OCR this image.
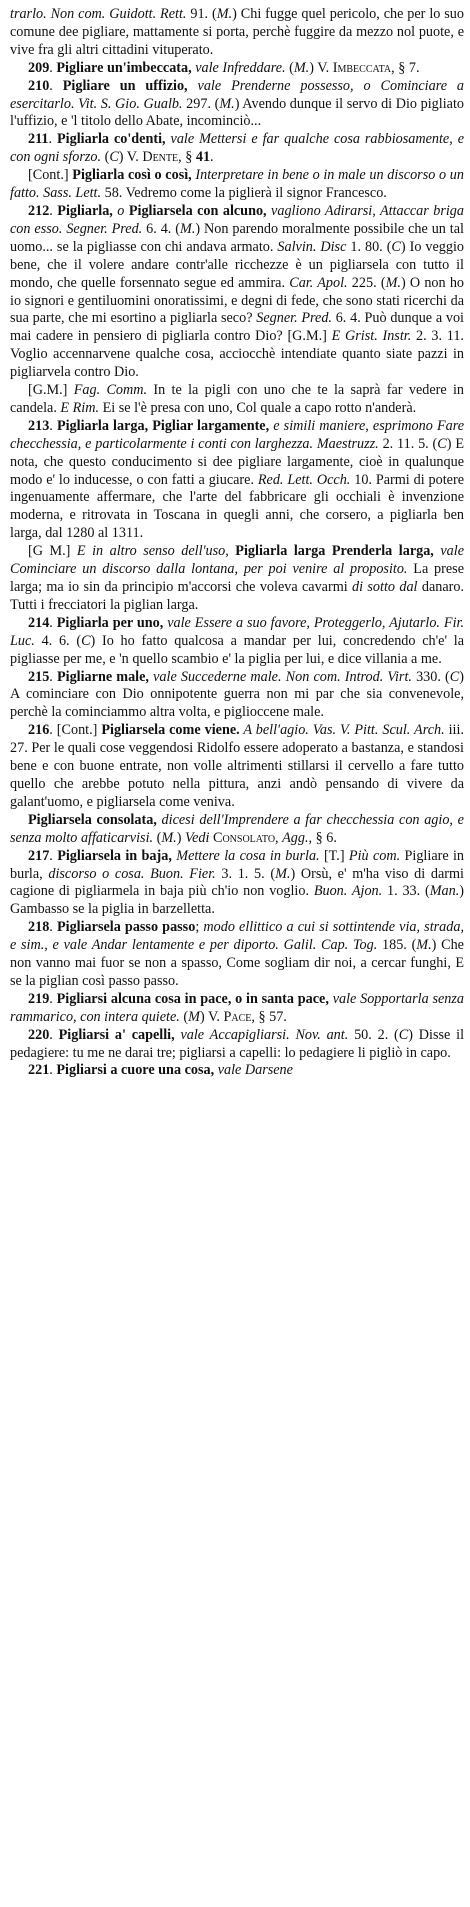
trarlo. Non com. Guidott. Rett. 91. (M.) Chi fugge quel pericolo, che per lo suo comune dee pigliare, mattamente si porta, perchè fuggire da mezzo nol puote, e vive fra gli altri cittadini vituperato.

209. Pigliare un'imbeccata, vale Infreddare. (M.) V. Imbeccata, § 7.

210. Pigliare un uffizio, vale Prenderne possesso, o Cominciare a esercitarlo. Vit. S. Gio. Gualb. 297. (M.) Avendo dunque il servo di Dio pigliato l'uffizio, e 'l titolo dello Abate, incominciò...

211. Pigliarla co'denti, vale Mettersi e far qualche cosa rabbiosamente, e con ogni sforzo. (C) V. Dente, § 41.

[Cont.] Pigliarla così o così, Interpretare in bene o in male un discorso o un fatto. Sass. Lett. 58. Vedremo come la piglierà il signor Francesco.

212. Pigliarla, o Pigliarsela con alcuno, vagliono Adirarsi, Attaccar briga con esso. Segner. Pred. 6. 4. (M.) Non parendo moralmente possibile che un tal uomo... se la pigliasse con chi andava armato. Salvin. Disc 1. 80. (C) Io veggio bene, che il volere andare contr'alle ricchezze è un pigliarsela con tutto il mondo, che quelle forsennato segue ed ammira. Car. Apol. 225. (M.) O non ho io signori e gentiluomini onoratissimi, e degni di fede, che sono stati ricerchi da sua parte, che mi esortino a pigliarla seco? Segner. Pred. 6. 4. Può dunque a voi mai cadere in pensiero di pigliarla contro Dio? [G.M.] E Grist. Instr. 2. 3. 11. Voglio accennarvene qualche cosa, acciocchè intendiate quanto siate pazzi in pigliarvela contro Dio.

[G.M.] Fag. Comm. In te la pigli con uno che te la saprà far vedere in candela. E Rim. Ei se l'è presa con uno, Col quale a capo rotto n'anderà.

213. Pigliarla larga, Pigliar largamente, e simili maniere, esprimono Fare checchessia, e particolarmente i conti con larghezza. Maestruzz. 2. 11. 5. (C) E nota, che questo conducimento si dee pigliare largamente, cioè in qualunque modo e' lo inducesse, o con fatti a giucare. Red. Lett. Occh. 10. Parmi di potere ingenuamente affermare, che l'arte del fabbricare gli occhiali è invenzione moderna, e ritrovata in Toscana in quegli anni, che corsero, a pigliarla ben larga, dal 1280 al 1311.

[G M.] E in altro senso dell'uso, Pigliarla larga Prenderla larga, vale Cominciare un discorso dalla lontana, per poi venire al proposito. La prese larga; ma io sin da principio m'accorsi che voleva cavarmi di sotto dal danaro. Tutti i frecciatori la piglian larga.

214. Pigliarla per uno, vale Essere a suo favore, Proteggerlo, Ajutarlo. Fir. Luc. 4. 6. (C) Io ho fatto qualcosa a mandar per lui, concredendo ch'e' la pigliasse per me, e 'n quello scambio e' la piglia per lui, e dice villania a me.

215. Pigliarne male, vale Succederne male. Non com. Introd. Virt. 330. (C) A cominciare con Dio onnipotente guerra non mi par che sia convenevole, perchè la cominciammo altra volta, e piglioccene male.

216. [Cont.] Pigliarsela come viene. A bell'agio. Vas. V. Pitt. Scul. Arch. iii. 27. Per le quali cose veggendosi Ridolfo essere adoperato a bastanza, e standosi bene e con buone entrate, non volle altrimenti stillarsi il cervello a fare tutto quello che arebbe potuto nella pittura, anzi andò pensando di vivere da galant'uomo, e pigliarsela come veniva.

Pigliarsela consolata, dicesi dell'Imprendere a far checchessia con agio, e senza molto affaticarvisi. (M.) Vedi Consolato, Agg., § 6.

217. Pigliarsela in baja, Mettere la cosa in burla. [T.] Più com. Pigliare in burla, discorso o cosa. Buon. Fier. 3. 1. 5. (M.) Orsù, e' m'ha viso di darmi cagione di pigliarmela in baja più ch'io non voglio. Buon. Ajon. 1. 33. (Man.) Gambasso se la piglia in barzelletta.

218. Pigliarsela passo passo; modo ellittico a cui si sottintende via, strada, e sim., e vale Andar lentamente e per diporto. Galil. Cap. Tog. 185. (M.) Che non vanno mai fuor se non a spasso, Come sogliam dir noi, a cercar funghi, E se la piglian così passo passo.

219. Pigliarsi alcuna cosa in pace, o in santa pace, vale Sopportarla senza rammarico, con intera quiete. (M) V. Pace, § 57.

220. Pigliarsi a' capelli, vale Accapigliarsi. Nov. ant. 50. 2. (C) Disse il pedagiere: tu me ne darai tre; pigliarsi a capelli: lo pedagiere li pigliò in capo.

221. Pigliarsi a cuore una cosa, vale Darsene
